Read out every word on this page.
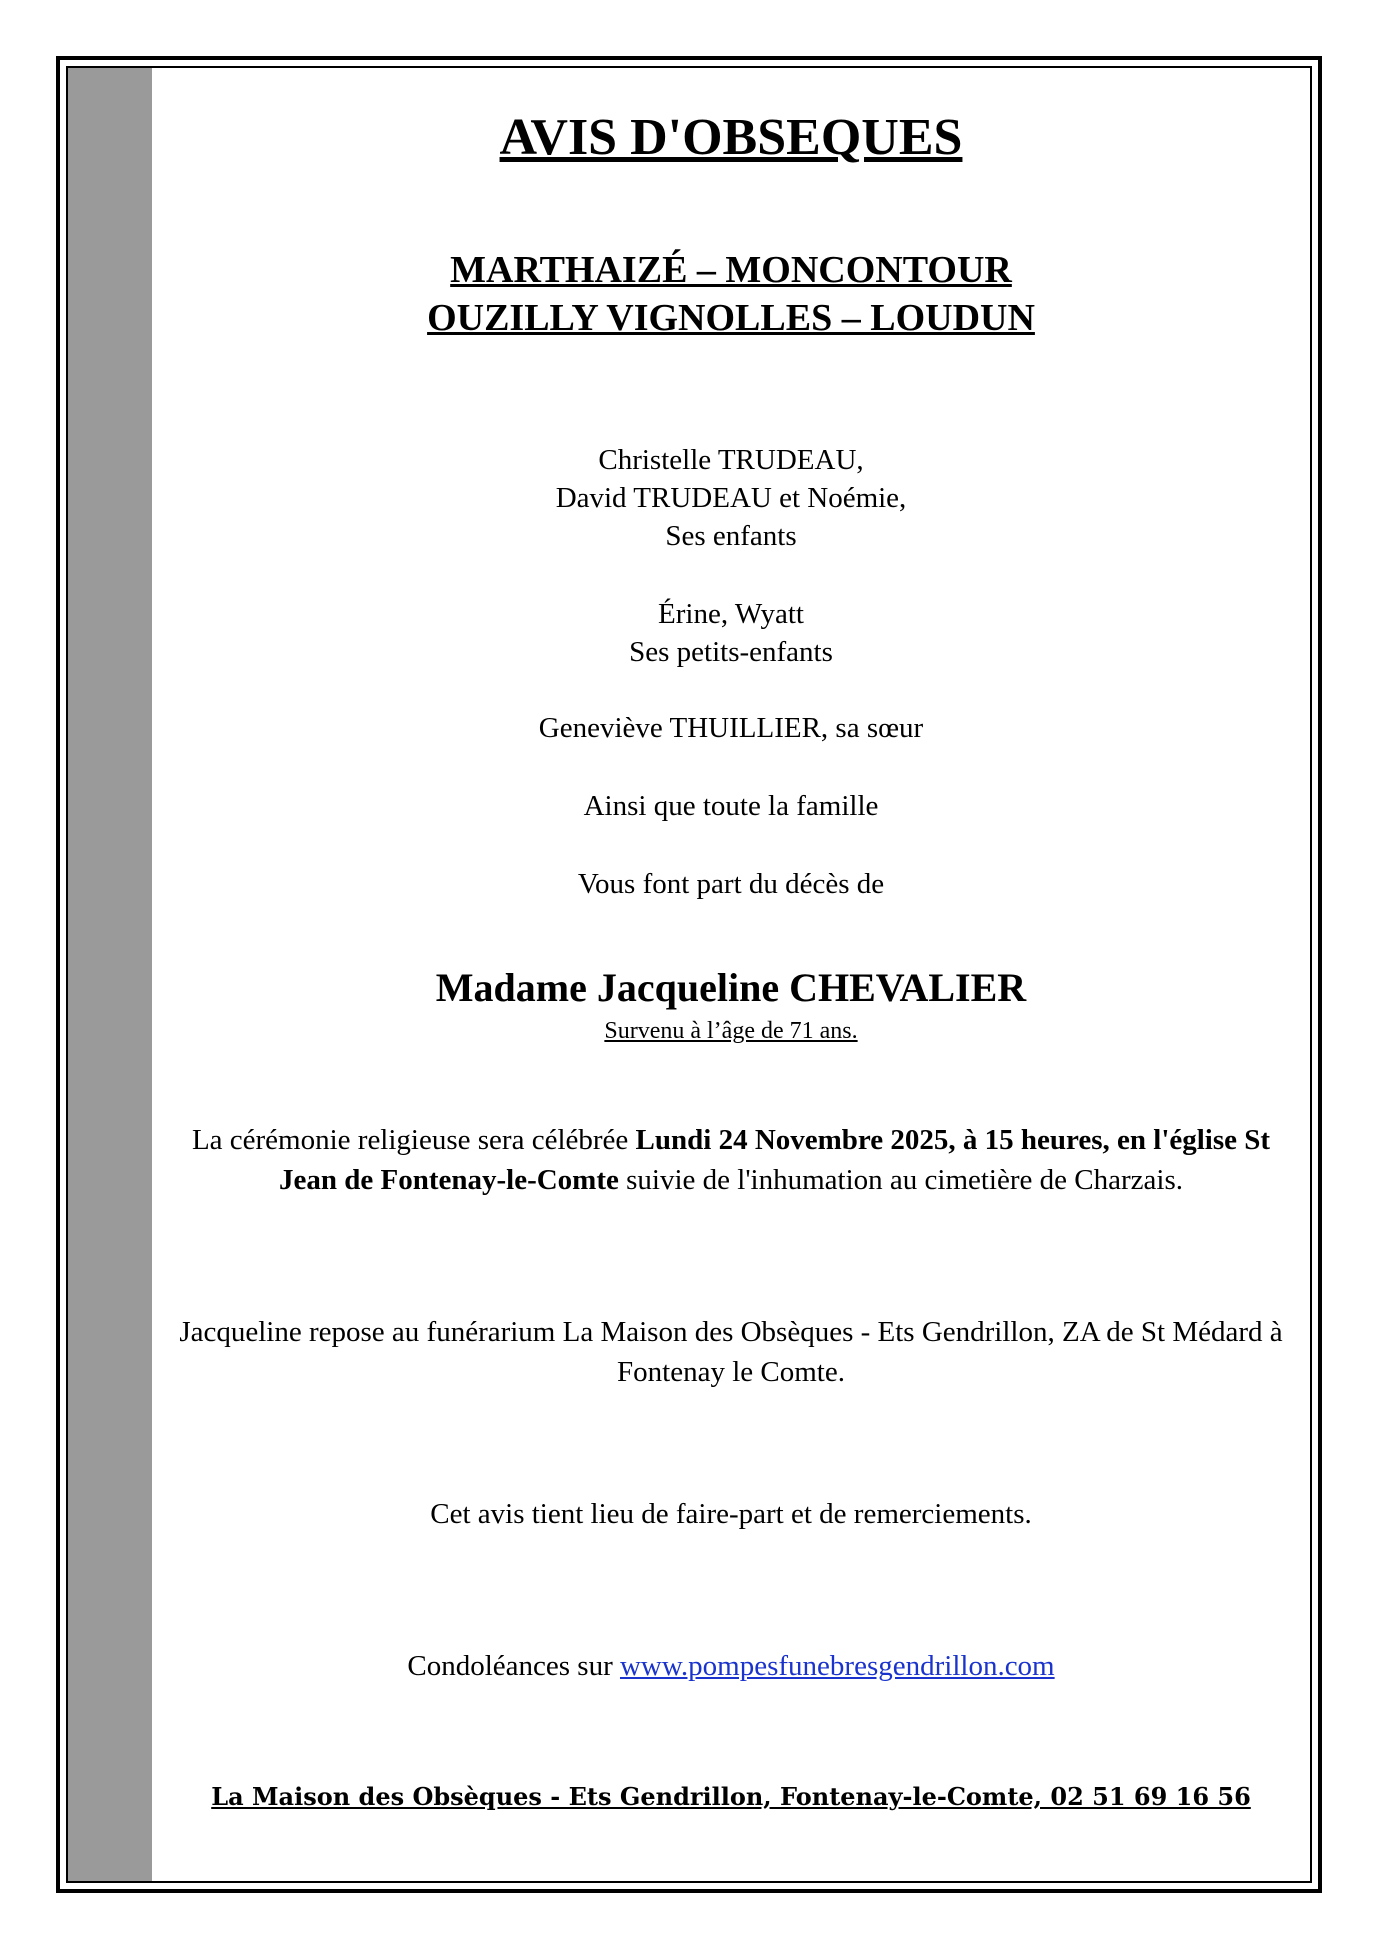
AVIS D'OBSEQUES
MARTHAIZÉ – MONCONTOUR
OUZILLY VIGNOLLES – LOUDUN
Christelle TRUDEAU,
David TRUDEAU et Noémie,
Ses enfants
Érine, Wyatt
Ses petits-enfants
Geneviève THUILLIER, sa sœur
Ainsi que toute la famille
Vous font part du décès de
Madame Jacqueline CHEVALIER
Survenu à l’âge de 71 ans.
La cérémonie religieuse sera célébrée Lundi 24 Novembre 2025, à 15 heures, en l'église St Jean de Fontenay-le-Comte suivie de l'inhumation au cimetière de Charzais.
Jacqueline repose au funérarium La Maison des Obsèques - Ets Gendrillon, ZA de St Médard à Fontenay le Comte.
Cet avis tient lieu de faire-part et de remerciements.
Condoléances sur www.pompesfunebresgendrillon.com
La Maison des Obsèques - Ets Gendrillon, Fontenay-le-Comte, 02 51 69 16 56
